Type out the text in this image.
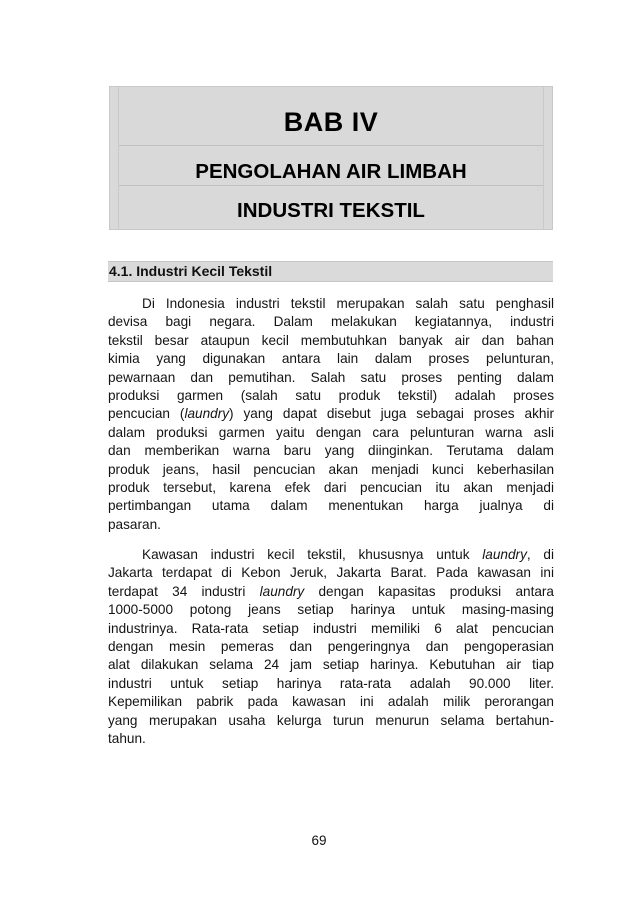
BAB IV
PENGOLAHAN AIR LIMBAH
INDUSTRI TEKSTIL
4.1. Industri Kecil Tekstil
Di Indonesia industri tekstil merupakan salah satu penghasil
devisa bagi negara. Dalam melakukan kegiatannya, industri
tekstil besar ataupun kecil membutuhkan banyak air dan bahan
kimia yang digunakan antara lain dalam proses pelunturan,
pewarnaan dan pemutihan. Salah satu proses penting dalam
produksi garmen (salah satu produk tekstil) adalah proses
pencucian (laundry) yang dapat disebut juga sebagai proses akhir
dalam produksi garmen yaitu dengan cara pelunturan warna asli
dan memberikan warna baru yang diinginkan. Terutama dalam
produk jeans, hasil pencucian akan menjadi kunci keberhasilan
produk tersebut, karena efek dari pencucian itu akan menjadi
pertimbangan utama dalam menentukan harga jualnya di
pasaran.
Kawasan industri kecil tekstil, khususnya untuk laundry, di
Jakarta terdapat di Kebon Jeruk, Jakarta Barat. Pada kawasan ini
terdapat 34 industri laundry dengan kapasitas produksi antara
1000-5000 potong jeans setiap harinya untuk masing-masing
industrinya. Rata-rata setiap industri memiliki 6 alat pencucian
dengan mesin pemeras dan pengeringnya dan pengoperasian
alat dilakukan selama 24 jam setiap harinya. Kebutuhan air tiap
industri untuk setiap harinya rata-rata adalah 90.000 liter.
Kepemilikan pabrik pada kawasan ini adalah milik perorangan
yang merupakan usaha kelurga turun menurun selama bertahun-
tahun.
69
